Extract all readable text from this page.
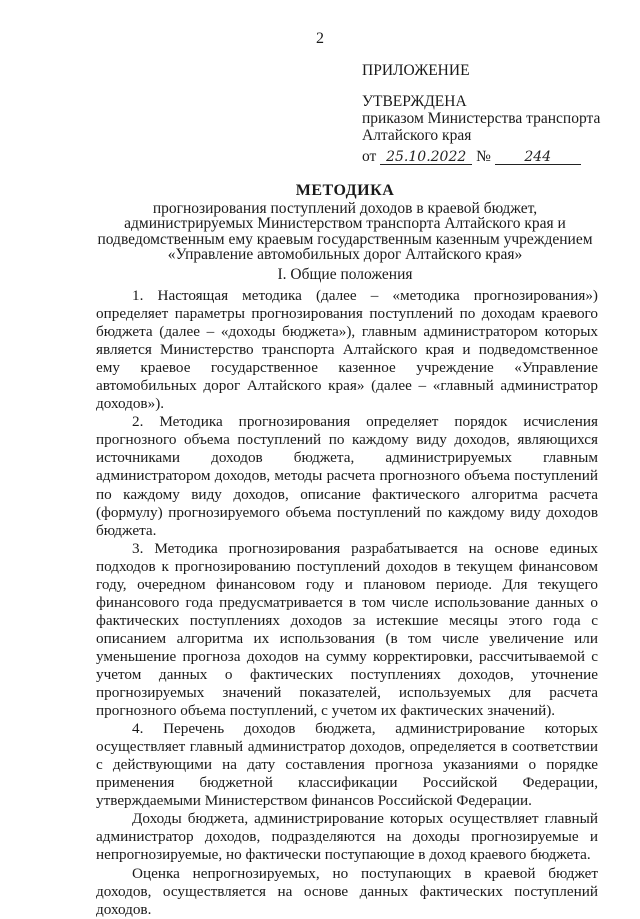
2
ПРИЛОЖЕНИЕ
УТВЕРЖДЕНА
приказом Министерства транспорта
Алтайского края
от 25.10.2022 № 244
МЕТОДИКА
прогнозирования поступлений доходов в краевой бюджет,
администрируемых Министерством транспорта Алтайского края и
подведомственным ему краевым государственным казенным учреждением
«Управление автомобильных дорог Алтайского края»
I. Общие положения

1. Настоящая методика (далее – «методика прогнозирования») определяет параметры прогнозирования поступлений по доходам краевого бюджета (далее – «доходы бюджета»), главным администратором которых является Министерство транспорта Алтайского края и подведомственное ему краевое государственное казенное учреждение «Управление автомобильных дорог Алтайского края» (далее – «главный администратор доходов»).

2. Методика прогнозирования определяет порядок исчисления прогнозного объема поступлений по каждому виду доходов, являющихся источниками доходов бюджета, администрируемых главным администратором доходов, методы расчета прогнозного объема поступлений по каждому виду доходов, описание фактического алгоритма расчета (формулу) прогнозируемого объема поступлений по каждому виду доходов бюджета.

3. Методика прогнозирования разрабатывается на основе единых подходов к прогнозированию поступлений доходов в текущем финансовом году, очередном финансовом году и плановом периоде. Для текущего финансового года предусматривается в том числе использование данных о фактических поступлениях доходов за истекшие месяцы этого года с описанием алгоритма их использования (в том числе увеличение или уменьшение прогноза доходов на сумму корректировки, рассчитываемой с учетом данных о фактических поступлениях доходов, уточнение прогнозируемых значений показателей, используемых для расчета прогнозного объема поступлений, с учетом их фактических значений).

4. Перечень доходов бюджета, администрирование которых осуществляет главный администратор доходов, определяется в соответствии с действующими на дату составления прогноза указаниями о порядке применения бюджетной классификации Российской Федерации, утверждаемыми Министерством финансов Российской Федерации.

Доходы бюджета, администрирование которых осуществляет главный администратор доходов, подразделяются на доходы прогнозируемые и непрогнозируемые, но фактически поступающие в доход краевого бюджета.

Оценка непрогнозируемых, но поступающих в краевой бюджет доходов, осуществляется на основе данных фактических поступлений доходов.
